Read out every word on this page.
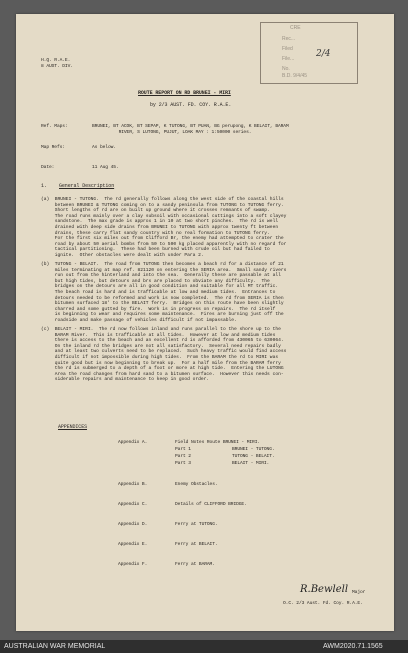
H.Q. R.A.E.
8 AUST. DIV.
CRE
Rec...
Filed
File...
No.
B.D. 9/4/45
2/4
ROUTE REPORT ON RD BRUNEI - MIRI
by 2/3 AUST. FD. COY. R.A.E.
Ref. Maps:	BRUNEI, BT ACOK, BT SEPAP, K TUTONG, BT PUAN, BG perupong, K BELAIT, BARAM
RIVER, S LUTONG, PUJUT, LOAK MAY : 1:50000 series.
Map Refs:	As below.
Date:	11 Aug 45.
1. General Description
(a)  BRUNEI - TUTONG.  The rd generally follows along the west side of the coastal hills
between BRUNEI & TUTONG coming on to a sandy peninsula from TUTONG to TUTONG ferry.
Short lengths of rd are on built up ground where it crosses remnants of swamp.
The road runs mainly over a clay subsoil with occasional cuttings into a soft clayey
sandstone.  The max grade is approx 1 in 10 at two short pinches.  The rd is well
drained with deep side drains from BRUNEI to TUTONG with approx twenty ft between
drains, these carry flat sandy country with no real formation to TUTONG ferry.
For the first six miles out from Clifford Br, the enemy had attempted to crater the
road by about 50 aerial bombs from 50 to 500 kg placed apparently with no regard for
tactical partitioning.  These had been burned with crude oil but had failed to
ignite.  Other obstacles were dealt with under Para 2.
(b)  TUTONG - BELAIT.  The road from TUTONG then becomes a beach rd for a distance of 21
miles terminating at map ref. 821120 on entering the SERIA area.  Small sandy rivers
run out from the hinterland and into the sea.  Generally these are passable at all
but high tides, but detours and brs are placed to obviate any difficulty.  The
bridges on the detours are all in good condition and suitable for all MT traffic.
The beach road is hard and is trafficable at low and medium tides.  Entrances to
detours needed to be reformed and work is now completed.  The rd from SERIA is then
bitumen surfaced 18' to the BELAIT ferry.  Bridges on this route have been slightly
charred and some gutted by fire.  Work is in progress on repairs.  The rd itself
is beginning to wear and requires some maintenance.  Fires are burning just off the
roadside and make passage of vehicles difficult if not impassable.
(c)  BELAIT - MIRI.  The rd now follows inland and runs parallel to the shore up to the
BARAM River.  This is trafficable at all tides.  However at low and medium tides
there is access to the beach and an excellent rd is afforded from 430065 to 630064.
On the inland rd the bridges are not all satisfactory.  Several need repairs badly
and at least two culverts need to be replaced.  Such heavy traffic would find access
difficult if not impossible during high tides.  From the BARAM the rd to MIRI was
quite good but is now beginning to break up.  For a half mile from the BARAM ferry
the rd is submerged to a depth of a foot or more at high tide.  Entering the LUTONG
Area the road changes from hard sand to a bitumen surface.  However this needs con-
siderable repairs and maintenance to keep in good order.
APPENDICES
Appendix A.	Field Notes Route BRUNEI - MIRI.
Part 1	BRUNEI - TUTONG.
Part 2	TUTONG - BELAIT.
Part 3	BELAIT - MIRI.
Appendix B.	Enemy Obstacles.
Appendix C.	Details of CLIFFORD BRIDGE.
Appendix D.	Ferry at TUTONG.
Appendix E.	Ferry at BELAIT.
Appendix F.	Ferry at BARAM.
R.Bewlell Major
O.C. 2/3 Aust. Fd. Coy. R.A.E.
AUSTRALIAN WAR MEMORIAL	AWM2020.71.1565
